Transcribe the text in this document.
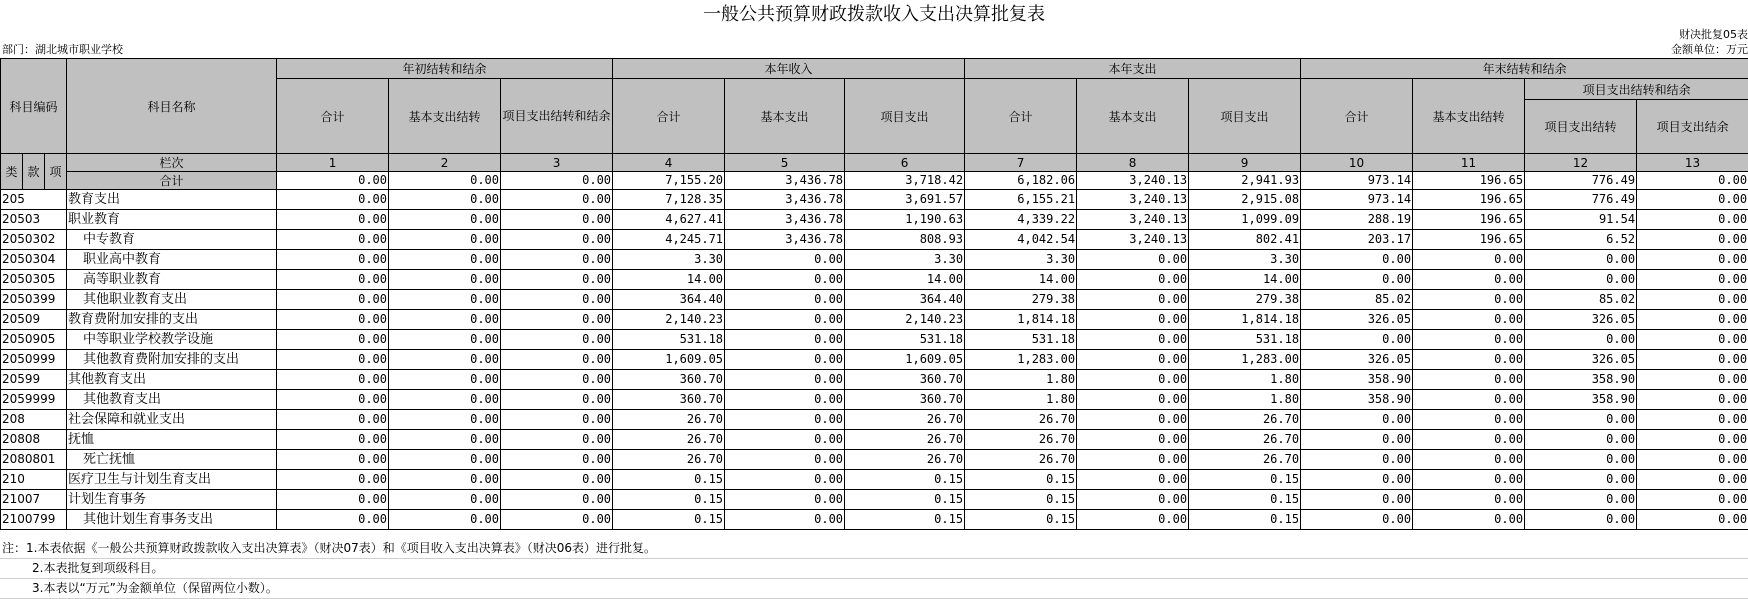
一般公共预算财政拨款收入支出决算批复表
财决批复05表
部门：湖北城市职业学校	金额单位：万元
科目编码			科目名称	年初结转和结余			本年收入			本年支出			年末结转和结余			
				合计	基本支出结转	项目支出结转和结余	合计	基本支出	项目支出	合计	基本支出	项目支出	合计	基本支出结转	项目支出结转和结余	
															项目支出结转	项目支出结余
类	款	项	栏次	1	2	3	4	5	6	7	8	9	10	11	12	13
			合计	0.00	0.00	0.00	7,155.20	3,436.78	3,718.42	6,182.06	3,240.13	2,941.93	973.14	196.65	776.49	0.00
205			教育支出	0.00	0.00	0.00	7,128.35	3,436.78	3,691.57	6,155.21	3,240.13	2,915.08	973.14	196.65	776.49	0.00
20503			职业教育	0.00	0.00	0.00	4,627.41	3,436.78	1,190.63	4,339.22	3,240.13	1,099.09	288.19	196.65	91.54	0.00
2050302			中专教育	0.00	0.00	0.00	4,245.71	3,436.78	808.93	4,042.54	3,240.13	802.41	203.17	196.65	6.52	0.00
2050304			职业高中教育	0.00	0.00	0.00	3.30	0.00	3.30	3.30	0.00	3.30	0.00	0.00	0.00	0.00
2050305			高等职业教育	0.00	0.00	0.00	14.00	0.00	14.00	14.00	0.00	14.00	0.00	0.00	0.00	0.00
2050399			其他职业教育支出	0.00	0.00	0.00	364.40	0.00	364.40	279.38	0.00	279.38	85.02	0.00	85.02	0.00
20509			教育费附加安排的支出	0.00	0.00	0.00	2,140.23	0.00	2,140.23	1,814.18	0.00	1,814.18	326.05	0.00	326.05	0.00
2050905			中等职业学校教学设施	0.00	0.00	0.00	531.18	0.00	531.18	531.18	0.00	531.18	0.00	0.00	0.00	0.00
2050999			其他教育费附加安排的支出	0.00	0.00	0.00	1,609.05	0.00	1,609.05	1,283.00	0.00	1,283.00	326.05	0.00	326.05	0.00
20599			其他教育支出	0.00	0.00	0.00	360.70	0.00	360.70	1.80	0.00	1.80	358.90	0.00	358.90	0.00
2059999			其他教育支出	0.00	0.00	0.00	360.70	0.00	360.70	1.80	0.00	1.80	358.90	0.00	358.90	0.00
208			社会保障和就业支出	0.00	0.00	0.00	26.70	0.00	26.70	26.70	0.00	26.70	0.00	0.00	0.00	0.00
20808			抚恤	0.00	0.00	0.00	26.70	0.00	26.70	26.70	0.00	26.70	0.00	0.00	0.00	0.00
2080801			死亡抚恤	0.00	0.00	0.00	26.70	0.00	26.70	26.70	0.00	26.70	0.00	0.00	0.00	0.00
210			医疗卫生与计划生育支出	0.00	0.00	0.00	0.15	0.00	0.15	0.15	0.00	0.15	0.00	0.00	0.00	0.00
21007			计划生育事务	0.00	0.00	0.00	0.15	0.00	0.15	0.15	0.00	0.15	0.00	0.00	0.00	0.00
2100799			其他计划生育事务支出	0.00	0.00	0.00	0.15	0.00	0.15	0.15	0.00	0.15	0.00	0.00	0.00	0.00
注：1.本表依据《一般公共预算财政拨款收入支出决算表》（财决07表）和《项目收入支出决算表》（财决06表）进行批复。
2.本表批复到项级科目。
3.本表以“万元”为金额单位（保留两位小数）。
